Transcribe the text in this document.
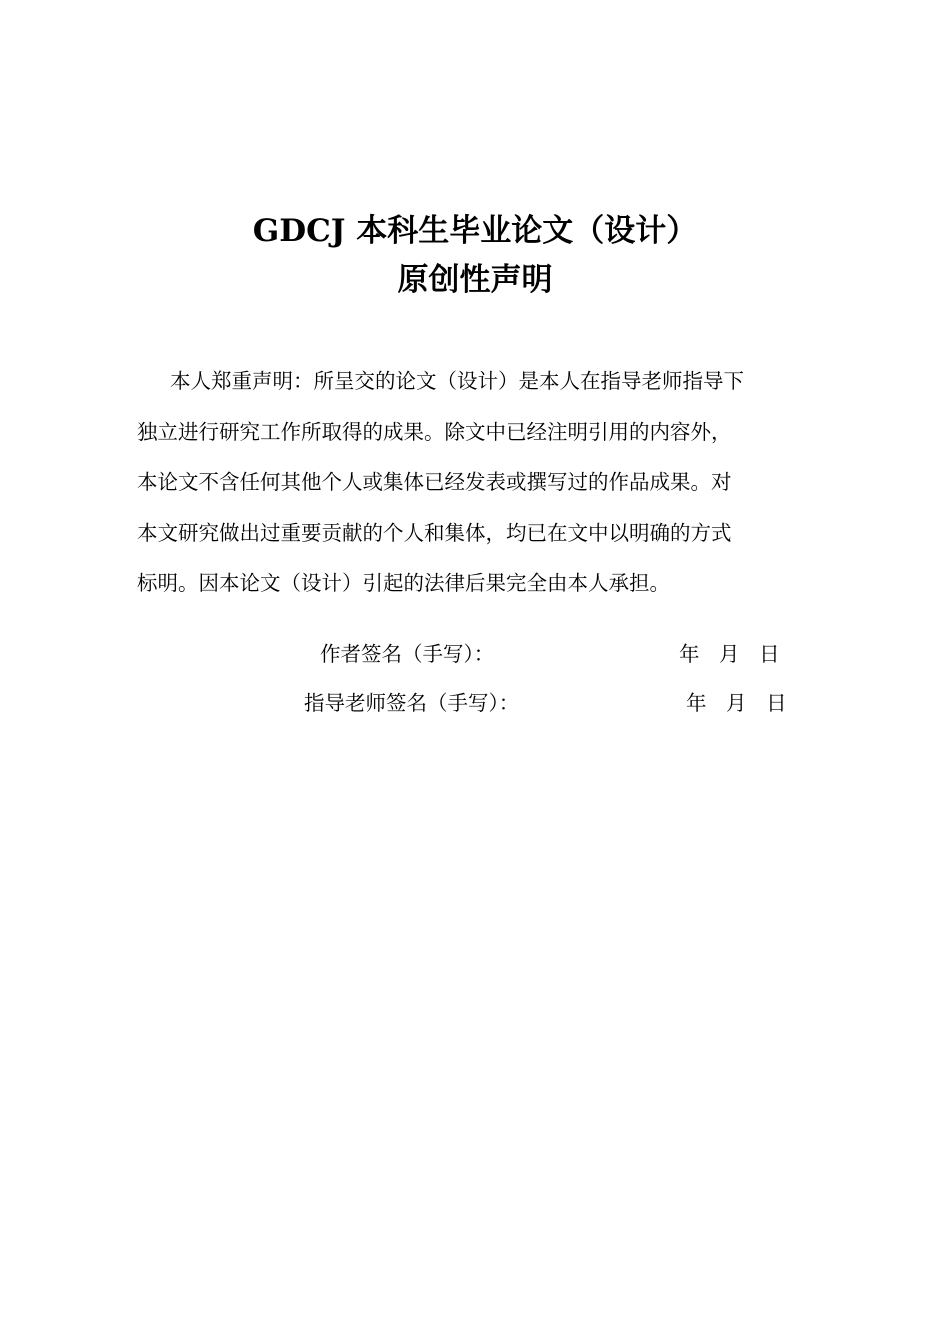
GDCJ 本科生毕业论文（设计）
原创性声明
本人郑重声明：所呈交的论文（设计）是本人在指导老师指导下
独立进行研究工作所取得的成果。除文中已经注明引用的内容外，
本论文不含任何其他个人或集体已经发表或撰写过的作品成果。对
本文研究做出过重要贡献的个人和集体，均已在文中以明确的方式
标明。因本论文（设计）引起的法律后果完全由本人承担。
作者签名（手写）：	年   月   日
指导老师签名（手写）：	年   月   日
